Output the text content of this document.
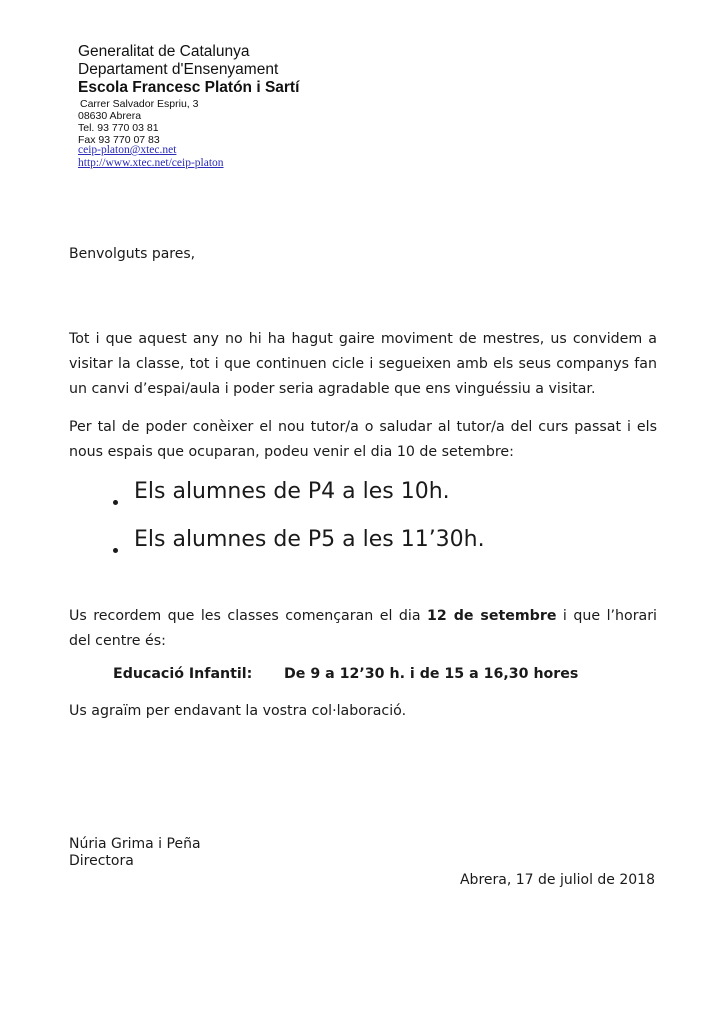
Generalitat de Catalunya
Departament d'Ensenyament
Escola Francesc Platón i Sartí
Carrer Salvador Espriu, 3
08630 Abrera
Tel. 93 770 03 81
Fax 93 770 07 83
ceip-platon@xtec.net
http://www.xtec.net/ceip-platon
Benvolguts pares,
Tot i que aquest any no hi ha hagut gaire moviment de mestres, us convidem a visitar la classe, tot i que continuen cicle i segueixen amb els seus companys fan un canvi d’espai/aula i poder seria agradable que ens vinguéssiu a visitar.
Per tal de poder conèixer el nou tutor/a o saludar al tutor/a del curs passat i els nous espais que ocuparan, podeu venir el dia 10 de setembre:
Els alumnes de P4 a les 10h.
Els alumnes de P5 a les 11’30h.
Us recordem que les classes començaran el dia 12 de setembre i que l’horari del centre és:
Educació Infantil: De 9 a 12’30 h. i de 15 a 16,30 hores
Us agraïm per endavant la vostra col·laboració.
Núria Grima i Peña
Directora
Abrera, 17 de juliol de 2018
